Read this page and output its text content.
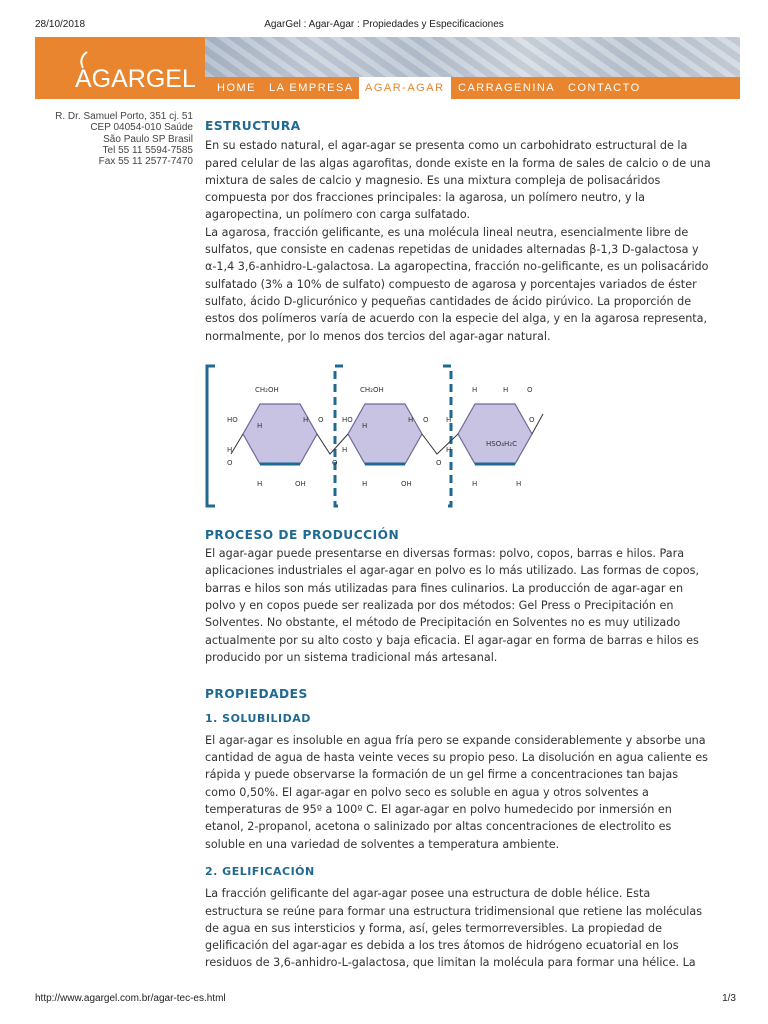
28/10/2018	AgarGel : Agar-Agar : Propiedades y Especificaciones
AGARGEL	HOME	LA EMPRESA	AGAR-AGAR	CARRAGENINA	CONTACTO
R. Dr. Samuel Porto, 351 cj. 51
CEP 04054-010 Saúde
São Paulo SP Brasil
Tel 55 11 5594-7585
Fax 55 11 2577-7470
ESTRUCTURA

En su estado natural, el agar-agar se presenta como un carbohidrato estructural de la pared celular de las algas agarofitas, donde existe en la forma de sales de calcio o de una mixtura de sales de calcio y magnesio. Es una mixtura compleja de polisacáridos compuesta por dos fracciones principales: la agarosa, un polímero neutro, y la agaropectina, un polímero con carga sulfatado.

La agarosa, fracción gelificante, es una molécula lineal neutra, esencialmente libre de sulfatos, que consiste en cadenas repetidas de unidades alternadas β-1,3 D-galactosa y α-1,4 3,6-anhidro-L-galactosa. La agaropectina, fracción no-gelificante, es un polisacárido sulfatado (3% a 10% de sulfato) compuesto de agarosa y porcentajes variados de éster sulfato, ácido D-glicurónico y pequeñas cantidades de ácido pirúvico. La proporción de estos dos polímeros varía de acuerdo con la especie del alga, y en la agarosa representa, normalmente, por lo menos dos tercios del agar-agar natural.

PROCESO DE PRODUCCIÓN

El agar-agar puede presentarse en diversas formas: polvo, copos, barras e hilos. Para aplicaciones industriales el agar-agar en polvo es lo más utilizado. Las formas de copos, barras e hilos son más utilizadas para fines culinarios. La producción de agar-agar en polvo y en copos puede ser realizada por dos métodos: Gel Press o Precipitación en Solventes. No obstante, el método de Precipitación en Solventes no es muy utilizado actualmente por su alto costo y baja eficacia. El agar-agar en forma de barras e hilos es producido por un sistema tradicional más artesanal.

PROPIEDADES
1. SOLUBILIDAD

El agar-agar es insoluble en agua fría pero se expande considerablemente y absorbe una cantidad de agua de hasta veinte veces su propio peso. La disolución en agua caliente es rápida y puede observarse la formación de un gel firme a concentraciones tan bajas como 0,50%. El agar-agar en polvo seco es soluble en agua y otros solventes a temperaturas de 95º a 100º C. El agar-agar en polvo humedecido por inmersión en etanol, 2-propanol, acetona o salinizado por altas concentraciones de electrolito es soluble en una variedad de solventes a temperatura ambiente.

2. GELIFICACIÓN

La fracción gelificante del agar-agar posee una estructura de doble hélice. Esta estructura se reúne para formar una estructura tridimensional que retiene las moléculas de agua en sus intersticios y forma, así, geles termorreversibles. La propiedad de gelificación del agar-agar es debida a los tres átomos de hidrógeno ecuatorial en los residuos de 3,6-anhidro-L-galactosa, que limitan la molécula para formar una hélice. La

CH₂OH	CH₂OH
HO
H
H
O
H	OH
O
H	HO
H
H
O
H	OH
O
H
H	H	O
H
HSO₄H₂C
H
O
H	H
O
http://www.agargel.com.br/agar-tec-es.html	1/3
